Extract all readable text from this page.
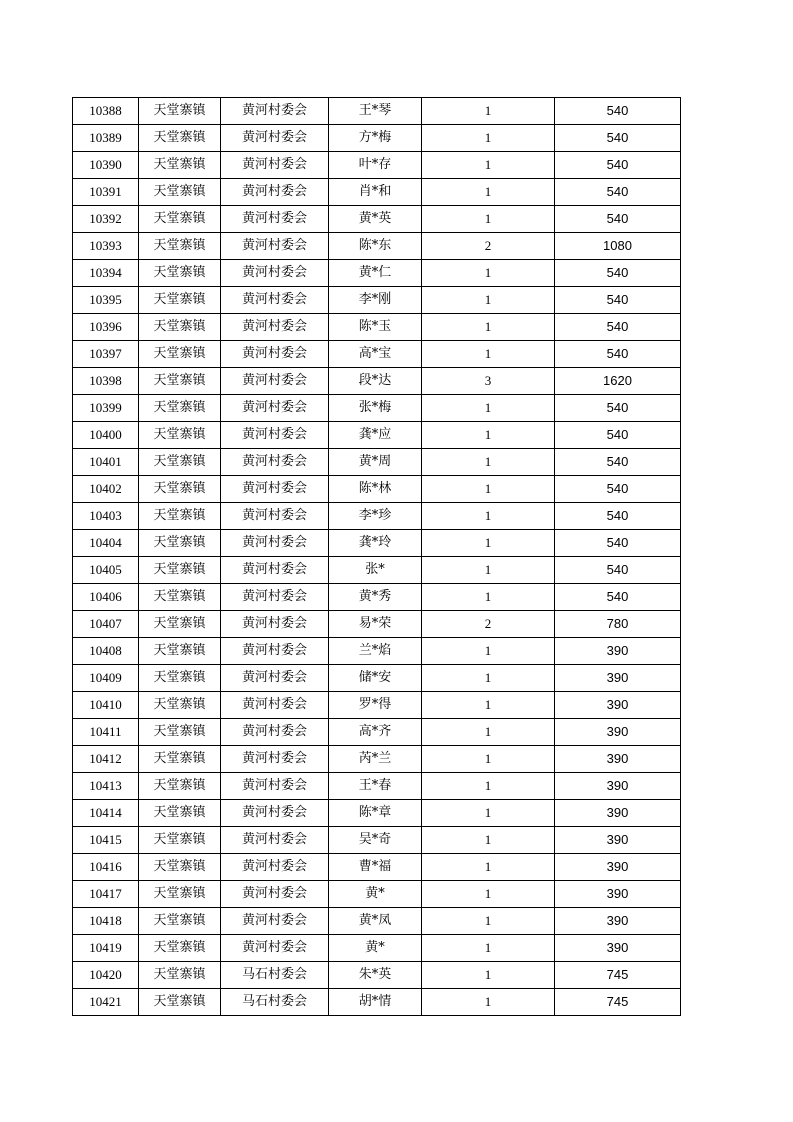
10388	天堂寨镇	黄河村委会	王*琴	1	540
10389	天堂寨镇	黄河村委会	方*梅	1	540
10390	天堂寨镇	黄河村委会	叶*存	1	540
10391	天堂寨镇	黄河村委会	肖*和	1	540
10392	天堂寨镇	黄河村委会	黄*英	1	540
10393	天堂寨镇	黄河村委会	陈*东	2	1080
10394	天堂寨镇	黄河村委会	黄*仁	1	540
10395	天堂寨镇	黄河村委会	李*刚	1	540
10396	天堂寨镇	黄河村委会	陈*玉	1	540
10397	天堂寨镇	黄河村委会	高*宝	1	540
10398	天堂寨镇	黄河村委会	段*达	3	1620
10399	天堂寨镇	黄河村委会	张*梅	1	540
10400	天堂寨镇	黄河村委会	龚*应	1	540
10401	天堂寨镇	黄河村委会	黄*周	1	540
10402	天堂寨镇	黄河村委会	陈*林	1	540
10403	天堂寨镇	黄河村委会	李*珍	1	540
10404	天堂寨镇	黄河村委会	龚*玲	1	540
10405	天堂寨镇	黄河村委会	张*	1	540
10406	天堂寨镇	黄河村委会	黄*秀	1	540
10407	天堂寨镇	黄河村委会	易*荣	2	780
10408	天堂寨镇	黄河村委会	兰*焰	1	390
10409	天堂寨镇	黄河村委会	储*安	1	390
10410	天堂寨镇	黄河村委会	罗*得	1	390
10411	天堂寨镇	黄河村委会	高*齐	1	390
10412	天堂寨镇	黄河村委会	芮*兰	1	390
10413	天堂寨镇	黄河村委会	王*春	1	390
10414	天堂寨镇	黄河村委会	陈*章	1	390
10415	天堂寨镇	黄河村委会	吴*奇	1	390
10416	天堂寨镇	黄河村委会	曹*福	1	390
10417	天堂寨镇	黄河村委会	黄*	1	390
10418	天堂寨镇	黄河村委会	黄*凤	1	390
10419	天堂寨镇	黄河村委会	黄*	1	390
10420	天堂寨镇	马石村委会	朱*英	1	745
10421	天堂寨镇	马石村委会	胡*情	1	745
